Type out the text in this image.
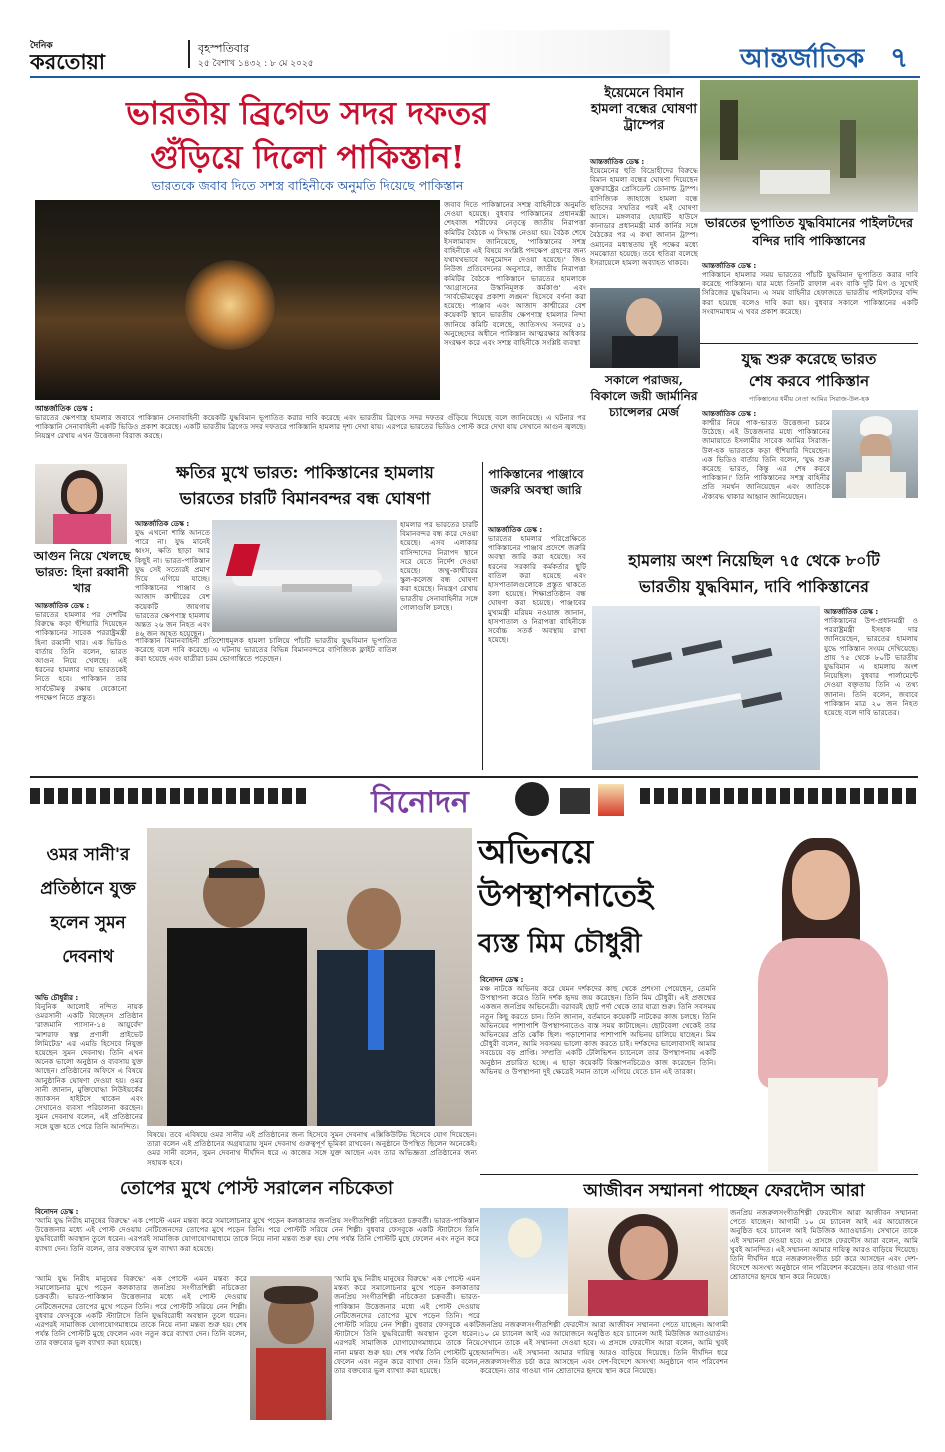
দৈনিক
করতোয়া
বৃহস্পতিবার
২৫ বৈশাখ ১৪৩২ : ৮ মে ২০২৫	আন্তর্জাতিক ৭
ভারতীয় ব্রিগেড সদর দফতর
গুঁড়িয়ে দিলো পাকিস্তান!
ভারতকে জবাব দিতে সশস্ত্র বাহিনীকে অনুমতি দিয়েছে পাকিস্তান
জবাব দিতে পাকিস্তানের সশস্ত্র বাহিনীকে অনুমতি দেওয়া হয়েছে। বুধবার পাকিস্তানের প্রধানমন্ত্রী শেহবাজ শরীফের নেতৃত্বে জাতীয় নিরাপত্তা কমিটির বৈঠকে এ সিদ্ধান্ত নেওয়া হয়। বৈঠক শেষে ইসলামাবাদ জানিয়েছে, 'পাকিস্তানের সশস্ত্র বাহিনীকে এই বিষয়ে সংশ্লিষ্ট পদক্ষেপ গ্রহণের জন্য যথাযথভাবে অনুমোদন দেওয়া হয়েছে।' জিও নিউজ প্রতিবেদনের অনুসারে, জাতীয় নিরাপত্তা কমিটির বৈঠকে পাকিস্তানে ভারতের হামলাকে 'আগ্রাসনের উস্কানিমূলক কর্মকাণ্ড' এবং 'সার্বভৌমত্বের প্রকাশ্য লঙ্ঘন' হিসেবে বর্ণনা করা হয়েছে। পাঞ্জাব এবং আজাদ কাশ্মীরের বেশ কয়েকটি স্থানে ভারতীয় ক্ষেপণাস্ত্র হামলার নিন্দা জানিয়ে কমিটি বলেছে, জাতিসংঘ সনদের ৫১ অনুচ্ছেদের অধীনে পাকিস্তান আত্মরক্ষার অধিকার সংরক্ষণ করে এবং সশস্ত্র বাহিনীকে সংশ্লিষ্ট ব্যবস্থা
আন্তর্জাতিক ডেস্ক :
ভারতের ক্ষেপণাস্ত্র হামলার জবাবে পাকিস্তান সেনাবাহিনী কয়েকটি যুদ্ধবিমান ভূপাতিত করার দাবি করেছে এবং ভারতীয় ব্রিগেড সদর দফতর গুঁড়িয়ে দিয়েছে বলে জানিয়েছে। এ ঘটনার পর পাকিস্তানি সেনাবাহিনী একটি ভিডিও প্রকাশ করেছে। একটি ভারতীয় ব্রিগেড সদর দফতরে পাকিস্তানি হামলার দৃশ্য দেখা যায়। এরপরে ভারতের ভিডিও পোস্ট করে দেখা যায় সেখানে আগুন জ্বলছে। নিয়ন্ত্রণ রেখায় এখন উত্তেজনা বিরাজ করছে।
ইয়েমেনে বিমান হামলা বন্ধের ঘোষণা ট্রাম্পের
আন্তর্জাতিক ডেস্ক :
ইয়েমেনের হুতি বিদ্রোহীদের বিরুদ্ধে বিমান হামলা বন্ধের ঘোষণা দিয়েছেন যুক্তরাষ্ট্রের প্রেসিডেন্ট ডোনাল্ড ট্রাম্প। বাণিজ্যিক জাহাজে হামলা বন্ধে হুতিদের সম্মতির পরই এই ঘোষণা আসে। মঙ্গলবার হোয়াইট হাউসে কানাডার প্রধানমন্ত্রী মার্ক কার্নির সঙ্গে বৈঠকের পর এ কথা জানান ট্রাম্প। ওমানের মধ্যস্থতায় দুই পক্ষের মধ্যে সমঝোতা হয়েছে। তবে হুতিরা বলেছে ইসরায়েলে হামলা অব্যাহত থাকবে।
সকালে পরাজয়, বিকালে জয়ী জার্মানির চ্যান্সেলর মের্জ
ভারতের ভূপাতিত যুদ্ধবিমানের পাইলটদের বন্দির দাবি পাকিস্তানের
আন্তর্জাতিক ডেস্ক :
পাকিস্তানে হামলার সময় ভারতের পাঁচটি যুদ্ধবিমান ভূপাতিত করার দাবি করেছে পাকিস্তান। যার মধ্যে তিনটি রাফাল এবং বাকি দুটি মিগ ও সুখোই সিরিজের যুদ্ধবিমান। এ সময় বাহিনীর হেফাজতে ভারতীয় পাইলটদের বন্দি করা হয়েছে বলেও দাবি করা হয়। বুধবার সকালে পাকিস্তানের একটি সংবাদমাধ্যম এ খবর প্রকাশ করেছে।
যুদ্ধ শুরু করেছে ভারত
শেষ করবে পাকিস্তান
পাকিস্তানের ধর্মীয় নেতা আমির সিরাজ-উল-হক
আন্তর্জাতিক ডেস্ক :
কাশ্মীর নিয়ে পাক-ভারত উত্তেজনা চরমে উঠেছে। এই উত্তেজনার মধ্যে পাকিস্তানের জামায়াতে ইসলামীর সাবেক আমির সিরাজ-উল-হক ভারতকে কড়া হুঁশিয়ারি দিয়েছেন। এক ভিডিও বার্তায় তিনি বলেন, 'যুদ্ধ শুরু করেছে ভারত, কিন্তু এর শেষ করবে পাকিস্তান।' তিনি পাকিস্তানের সশস্ত্র বাহিনীর প্রতি সমর্থন জানিয়েছেন এবং জাতিকে ঐক্যবদ্ধ থাকার আহ্বান জানিয়েছেন।
আগুন নিয়ে খেলছে ভারত: হিনা রব্বানী খার
আন্তর্জাতিক ডেস্ক :
ভারতের হামলার পর দেশটির বিরুদ্ধে কড়া হুঁশিয়ারি দিয়েছেন পাকিস্তানের সাবেক পররাষ্ট্রমন্ত্রী হিনা রব্বানী খার। এক ভিডিও বার্তায় তিনি বলেন, ভারত আগুন নিয়ে খেলছে। এই ধরনের হামলার দায় ভারতকেই নিতে হবে। পাকিস্তান তার সার্বভৌমত্ব রক্ষায় যেকোনো পদক্ষেপ নিতে প্রস্তুত।
ক্ষতির মুখে ভারত: পাকিস্তানের হামলায়
ভারতের চারটি বিমানবন্দর বন্ধ ঘোষণা
আন্তর্জাতিক ডেস্ক :
যুদ্ধ এখনো শান্তি আনতে পারে না। যুদ্ধ মানেই ধ্বংস, ক্ষতি ছাড়া আর কিছুই না। ভারত-পাকিস্তান যুদ্ধ সেই সত্যেরই প্রমাণ দিয়ে এগিয়ে যাচ্ছে। পাকিস্তানের পাঞ্জাব ও আজাদ কাশ্মীরের বেশ কয়েকটি জায়গায় ভারতের ক্ষেপণাস্ত্র হামলায় অন্তত ২৬ জন নিহত এবং ৪৬ জন আহত হয়েছেন।
হামলার পর ভারতের চারটি বিমানবন্দর বন্ধ করে দেওয়া হয়েছে। এসব এলাকার বাসিন্দাদের নিরাপদ স্থানে সরে যেতে নির্দেশ দেওয়া হয়েছে। জম্মু-কাশ্মীরের স্কুল-কলেজ বন্ধ ঘোষণা করা হয়েছে। নিয়ন্ত্রণ রেখায় ভারতীয় সেনাবাহিনীর সঙ্গে গোলাগুলি চলছে।
পাকিস্তান বিমানবাহিনী প্রতিশোধমূলক হামলা চালিয়ে পাঁচটি ভারতীয় যুদ্ধবিমান ভূপাতিত করেছে বলে দাবি করেছে। এ ঘটনায় ভারতের বিভিন্ন বিমানবন্দরে বাণিজ্যিক ফ্লাইট বাতিল করা হয়েছে এবং যাত্রীরা চরম ভোগান্তিতে পড়েছেন।
পাকিস্তানের পাঞ্জাবে জরুরি অবস্থা জারি
আন্তর্জাতিক ডেস্ক :
ভারতের হামলার পরিপ্রেক্ষিতে পাকিস্তানের পাঞ্জাব প্রদেশে জরুরি অবস্থা জারি করা হয়েছে। সব ধরনের সরকারি কর্মকর্তার ছুটি বাতিল করা হয়েছে এবং হাসপাতালগুলোকে প্রস্তুত থাকতে বলা হয়েছে। শিক্ষাপ্রতিষ্ঠান বন্ধ ঘোষণা করা হয়েছে। পাঞ্জাবের মুখ্যমন্ত্রী মরিয়ম নওয়াজ জানান, হাসপাতাল ও নিরাপত্তা বাহিনীকে সর্বোচ্চ সতর্ক অবস্থায় রাখা হয়েছে।
হামলায় অংশ নিয়েছিল ৭৫ থেকে ৮০টি
ভারতীয় যুদ্ধবিমান, দাবি পাকিস্তানের
আন্তর্জাতিক ডেস্ক :
পাকিস্তানের উপ-প্রধানমন্ত্রী ও পররাষ্ট্রমন্ত্রী ইসহাক দার জানিয়েছেন, ভারতের হামলায় যুদ্ধে পাকিস্তান সংযম দেখিয়েছে। প্রায় ৭৫ থেকে ৮০টি ভারতীয় যুদ্ধবিমান এ হামলায় অংশ নিয়েছিল। বুধবার পার্লামেন্টে দেওয়া বক্তৃতায় তিনি এ তথ্য জানান। তিনি বলেন, জবাবে পাকিস্তান মাত্র ২০ জন নিহত হয়েছে বলে দাবি ভারতের।
বিনোদন
ওমর সানী'র প্রতিষ্ঠানে যুক্ত হলেন সুমন দেবনাথ
অভি চৌধুরীর :
বিনুনিক আলোই নন্দিত নায়ক ওমরসানী একটি বিজ্নেস প্রতিষ্ঠান 'রাজমানি প্যাসান-১৪ আয়ুর্বেদ' 'মাশরাফ স্বল্প প্রণালী প্রাইভেট লিমিটেড' এর এমডি হিসেবে নিযুক্ত হয়েছেন সুমন দেবনাথ। তিনি এখন অনেক ভালো অনুষ্ঠান ও ব্যবসায় যুক্ত আছেন। প্রতিষ্ঠানের অফিসে এ বিষয়ে আনুষ্ঠানিক ঘোষণা দেওয়া হয়। ওমর সানী জানান, মুক্তিযোদ্ধা নিউইয়র্কের জ্যাকসন হাইটসে থাকেন এবং সেখানেও ব্যবসা পরিচালনা করছেন। সুমন দেবনাথ বলেন, এই প্রতিষ্ঠানের সঙ্গে যুক্ত হতে পেরে তিনি আনন্দিত।
বিষয়ে। তবে এবিষয়ে ওমর সানীর এই প্রতিষ্ঠানের জন্য হিসেবে সুমন দেবনাথ এক্সিকিউটিভ হিসেবে যোগ দিয়েছেন। তারা বলেন এই প্রতিষ্ঠানের অগ্রযাত্রায় সুমন দেবনাথ গুরুত্বপূর্ণ ভূমিকা রাখবেন। অনুষ্ঠানে উপস্থিত ছিলেন অনেকেই। ওমর সানী বলেন, সুমন দেবনাথ দীর্ঘদিন ধরে এ কাজের সঙ্গে যুক্ত আছেন এবং তার অভিজ্ঞতা প্রতিষ্ঠানের জন্য সহায়ক হবে।
তোপের মুখে পোস্ট সরালেন নচিকেতা
বিনোদন ডেস্ক :
'আমি যুদ্ধ নিরীহ মানুষের বিরুদ্ধে' এক পোস্টে এমন মন্তব্য করে সমালোচনার মুখে পড়েন কলকাতার জনপ্রিয় সংগীতশিল্পী নচিকেতা চক্রবর্তী। ভারত-পাকিস্তান উত্তেজনার মধ্যে এই পোস্ট দেওয়ায় নেটিজেনদের তোপের মুখে পড়েন তিনি। পরে পোস্টটি সরিয়ে নেন শিল্পী। বুধবার ফেসবুকে একটি স্ট্যাটাসে তিনি যুদ্ধবিরোধী অবস্থান তুলে ধরেন। এরপরই সামাজিক যোগাযোগমাধ্যমে তাকে নিয়ে নানা মন্তব্য শুরু হয়। শেষ পর্যন্ত তিনি পোস্টটি মুছে ফেলেন এবং নতুন করে ব্যাখ্যা দেন। তিনি বলেন, তার বক্তব্যের ভুল ব্যাখ্যা করা হয়েছে।
'আমি যুদ্ধ নিরীহ মানুষের বিরুদ্ধে' এক পোস্টে এমন মন্তব্য করে সমালোচনার মুখে পড়েন কলকাতার জনপ্রিয় সংগীতশিল্পী নচিকেতা চক্রবর্তী। ভারত-পাকিস্তান উত্তেজনার মধ্যে এই পোস্ট দেওয়ায় নেটিজেনদের তোপের মুখে পড়েন তিনি। পরে পোস্টটি সরিয়ে নেন শিল্পী। বুধবার ফেসবুকে একটি স্ট্যাটাসে তিনি যুদ্ধবিরোধী অবস্থান তুলে ধরেন। এরপরই সামাজিক যোগাযোগমাধ্যমে তাকে নিয়ে নানা মন্তব্য শুরু হয়। শেষ পর্যন্ত তিনি পোস্টটি মুছে ফেলেন এবং নতুন করে ব্যাখ্যা দেন। তিনি বলেন, তার বক্তব্যের ভুল ব্যাখ্যা করা হয়েছে।
'আমি যুদ্ধ নিরীহ মানুষের বিরুদ্ধে' এক পোস্টে এমন মন্তব্য করে সমালোচনার মুখে পড়েন কলকাতার জনপ্রিয় সংগীতশিল্পী নচিকেতা চক্রবর্তী। ভারত-পাকিস্তান উত্তেজনার মধ্যে এই পোস্ট দেওয়ায় নেটিজেনদের তোপের মুখে পড়েন তিনি। পরে পোস্টটি সরিয়ে নেন শিল্পী। বুধবার ফেসবুকে একটি স্ট্যাটাসে তিনি যুদ্ধবিরোধী অবস্থান তুলে ধরেন। এরপরই সামাজিক যোগাযোগমাধ্যমে তাকে নিয়ে নানা মন্তব্য শুরু হয়। শেষ পর্যন্ত তিনি পোস্টটি মুছে ফেলেন এবং নতুন করে ব্যাখ্যা দেন। তিনি বলেন, তার বক্তব্যের ভুল ব্যাখ্যা করা হয়েছে।
অভিনয়ে
উপস্থাপনাতেই
ব্যস্ত মিম চৌধুরী
বিনোদন ডেস্ক :
মঞ্চ নাটকে অভিনয় করে যেমন দর্শকদের কাছ থেকে প্রশংসা পেয়েছেন, তেমনি উপস্থাপনা করেও তিনি দর্শক হৃদয় জয় করেছেন। তিনি মিম চৌধুরী। এই প্রজন্মের একজন জনপ্রিয় অভিনেত্রী। বরাবরই ছোট পর্দা থেকে তার যাত্রা শুরু। তিনি সবসময় নতুন কিছু করতে চান। তিনি জানান, বর্তমানে কয়েকটি নাটকের কাজ চলছে। তিনি অভিনয়ের পাশাপাশি উপস্থাপনাতেও ব্যস্ত সময় কাটাচ্ছেন। ছোটবেলা থেকেই তার অভিনয়ের প্রতি ঝোঁক ছিল। পড়াশোনার পাশাপাশি অভিনয় চালিয়ে যাচ্ছেন। মিম চৌধুরী বলেন, আমি সবসময় ভালো কাজ করতে চাই। দর্শকদের ভালোবাসাই আমার সবচেয়ে বড় প্রাপ্তি। সম্প্রতি একটি টেলিভিশন চ্যানেলে তার উপস্থাপনায় একটি অনুষ্ঠান প্রচারিত হচ্ছে। এ ছাড়া কয়েকটি বিজ্ঞাপনচিত্রেও কাজ করেছেন তিনি। অভিনয় ও উপস্থাপনা দুই ক্ষেত্রেই সমান তালে এগিয়ে যেতে চান এই তারকা।
আজীবন সম্মাননা পাচ্ছেন ফেরদৌস আরা
জনপ্রিয় নজরুলসংগীতশিল্পী ফেরদৌস আরা আজীবন সম্মাননা পেতে যাচ্ছেন। আগামী ১০ মে চ্যানেল আই এর আয়োজনে অনুষ্ঠিত হবে চ্যানেল আই মিউজিক অ্যাওয়ার্ডস। সেখানে তাকে এই সম্মাননা দেওয়া হবে। এ প্রসঙ্গে ফেরদৌস আরা বলেন, আমি খুবই আনন্দিত। এই সম্মাননা আমার দায়িত্ব আরও বাড়িয়ে দিয়েছে। তিনি দীর্ঘদিন ধরে নজরুলসংগীত চর্চা করে আসছেন এবং দেশ-বিদেশে অসংখ্য অনুষ্ঠানে গান পরিবেশন করেছেন। তার গাওয়া গান শ্রোতাদের হৃদয়ে স্থান করে নিয়েছে।
জনপ্রিয় নজরুলসংগীতশিল্পী ফেরদৌস আরা আজীবন সম্মাননা পেতে যাচ্ছেন। আগামী ১০ মে চ্যানেল আই এর আয়োজনে অনুষ্ঠিত হবে চ্যানেল আই মিউজিক অ্যাওয়ার্ডস। সেখানে তাকে এই সম্মাননা দেওয়া হবে। এ প্রসঙ্গে ফেরদৌস আরা বলেন, আমি খুবই আনন্দিত। এই সম্মাননা আমার দায়িত্ব আরও বাড়িয়ে দিয়েছে। তিনি দীর্ঘদিন ধরে নজরুলসংগীত চর্চা করে আসছেন এবং দেশ-বিদেশে অসংখ্য অনুষ্ঠানে গান পরিবেশন করেছেন। তার গাওয়া গান শ্রোতাদের হৃদয়ে স্থান করে নিয়েছে।
